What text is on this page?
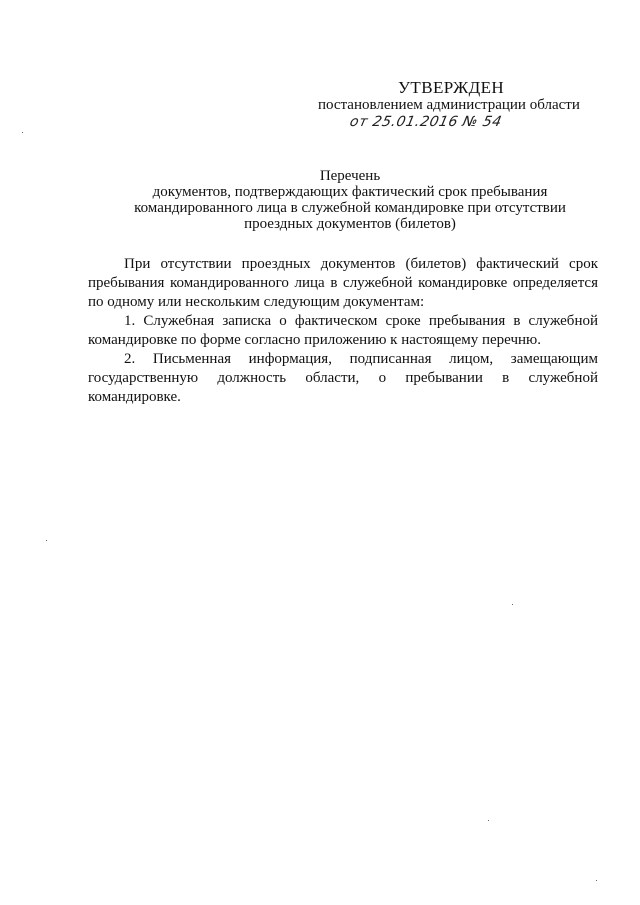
УТВЕРЖДЕН
постановлением администрации области
от 25.01.2016 № 54
Перечень
документов, подтверждающих фактический срок пребывания
командированного лица в служебной командировке при отсутствии
проездных документов (билетов)

При отсутствии проездных документов (билетов) фактический срок пребывания командированного лица в служебной командировке определяется по одному или нескольким следующим документам:

1. Служебная записка о фактическом сроке пребывания в служебной командировке по форме согласно приложению к настоящему перечню.

2. Письменная информация, подписанная лицом, замещающим государственную должность области, о пребывании в служебной командировке.
